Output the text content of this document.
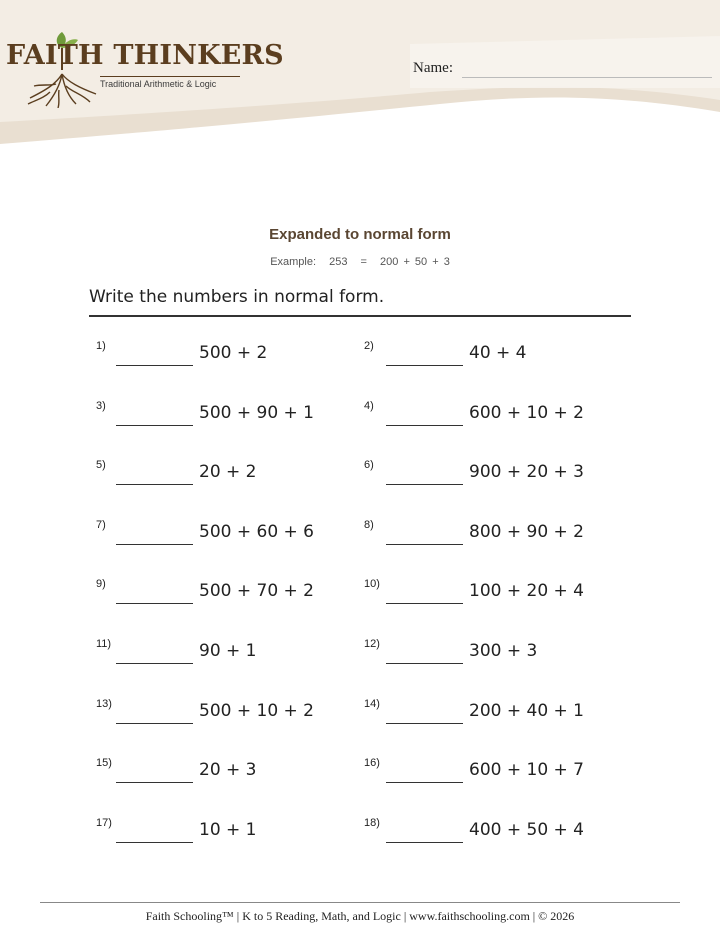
FAITH THINKERS
Traditional Arithmetic & Logic
Name:
Expanded to normal form
Example: 253 = 200 + 50 + 3
Write the numbers in normal form.
1)	500 + 2	2)	40 + 4
3)	500 + 90 + 1	4)	600 + 10 + 2
5)	20 + 2	6)	900 + 20 + 3
7)	500 + 60 + 6	8)	800 + 90 + 2
9)	500 + 70 + 2	10)	100 + 20 + 4
11)	90 + 1	12)	300 + 3
13)	500 + 10 + 2	14)	200 + 40 + 1
15)	20 + 3	16)	600 + 10 + 7
17)	10 + 1	18)	400 + 50 + 4
Faith Schooling™ | K to 5 Reading, Math, and Logic | www.faithschooling.com | © 2026
